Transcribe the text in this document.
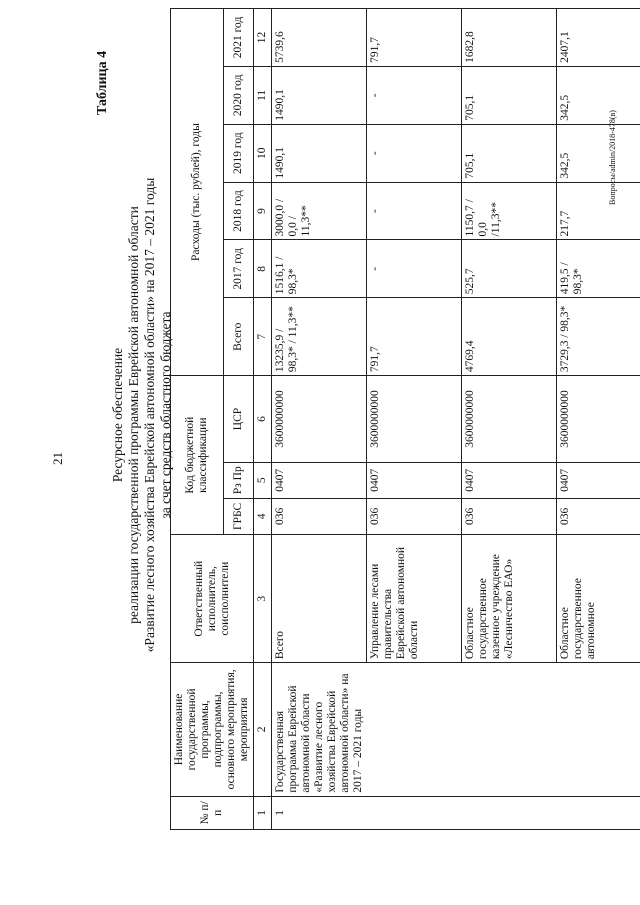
21
Таблица 4
Ресурсное обеспечение реализации государственной программы Еврейской автономной области «Развитие лесного хозяйства Еврейской автономной области» на 2017 – 2021 годы за счет средств областного бюджета
№ п/п	Наименование государственной программы, подпрограммы, основного мероприятия, мероприятия	Ответственный исполнитель, соисполнители	Код бюджетной классификации			Расходы (тыс. рублей), годы					
			ГРБС	Рз Пр	ЦСР	Всего	2017 год	2018 год	2019 год	2020 год	2021 год
1	2	3	4	5	6	7	8	9	10	11	12
1	Государственная программа Еврейской автономной области «Развитие лесного хозяйства Еврейской автономной области» на 2017 – 2021 годы	Всего	036	0407	3600000000	13235,9 / 98,3* / 11,3**	1516,1 / 98,3*	3000,0 / 0,0 / 11,3**	1490,1	1490,1	5739,6
		Управление лесами правительства Еврейской автономной области	036	0407	3600000000	791,7	-	-	-	-	791,7
		Областное государственное казенное учреждение «Лесничество ЕАО»	036	0407	3600000000	4769,4	525,7	1150,7 / 0,0 /11,3**	705,1	705,1	1682,8
		Областное государственное автономное	036	0407	3600000000	3729,3 / 98,3*	419,5 / 98,3*	217,7	342,5	342,5	2407,1
Вопросы/admin/2018-478(в)
